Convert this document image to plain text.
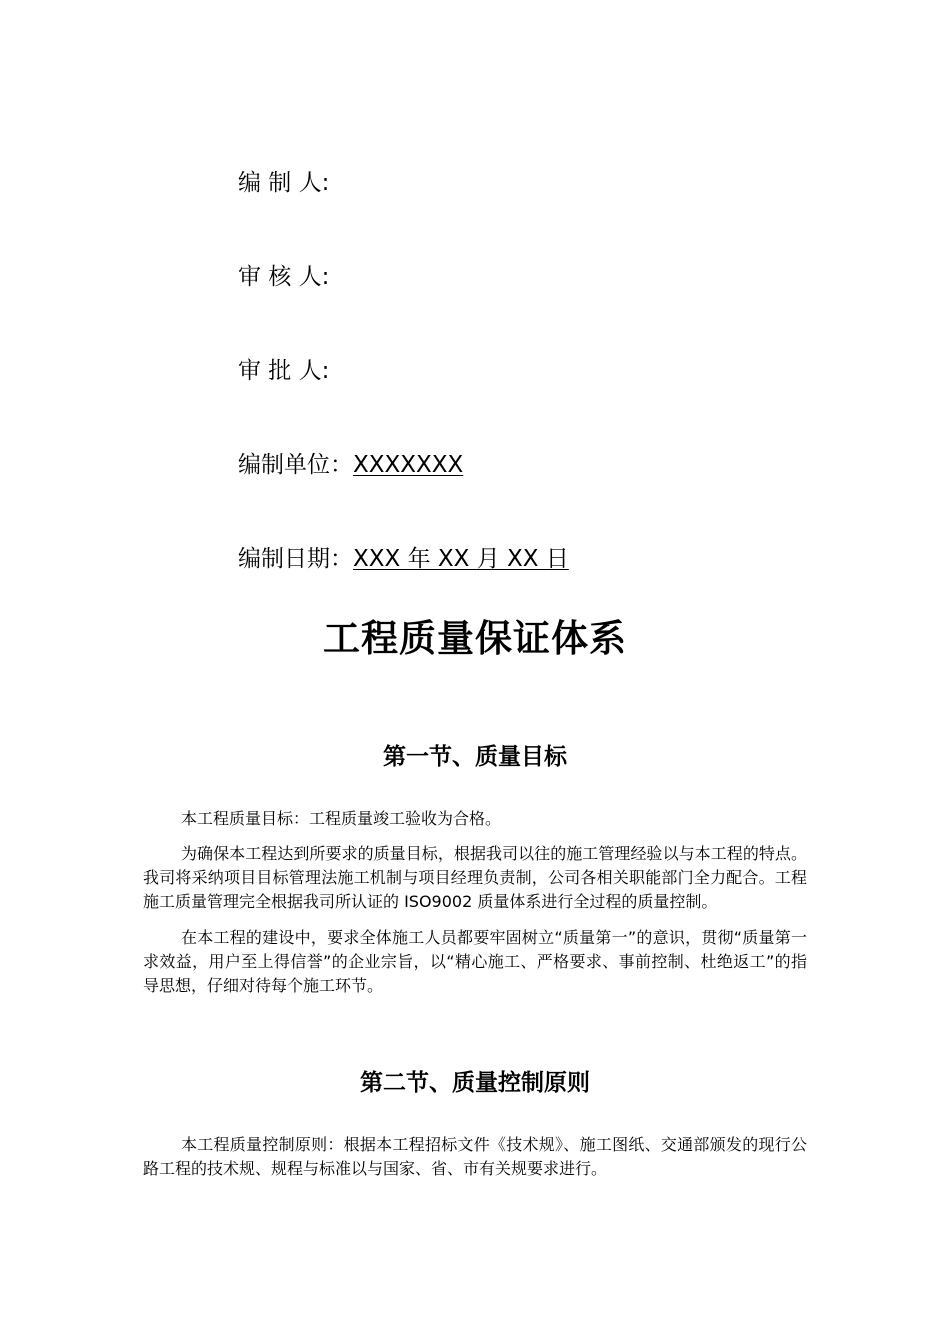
编 制 人:
审 核 人:
审 批 人:
编制单位：XXXXXXX
编制日期：XXX 年 XX 月 XX 日
工程质量保证体系
第一节、质量目标

本工程质量目标：工程质量竣工验收为合格。

为确保本工程达到所要求的质量目标，根据我司以往的施工管理经验以与本工程的特点。我司将采纳项目目标管理法施工机制与项目经理负责制，公司各相关职能部门全力配合。工程施工质量管理完全根据我司所认证的 ISO9002 质量体系进行全过程的质量控制。

在本工程的建设中，要求全体施工人员都要牢固树立“质量第一”的意识，贯彻“质量第一求效益，用户至上得信誉”的企业宗旨，以“精心施工、严格要求、事前控制、杜绝返工”的指导思想，仔细对待每个施工环节。

第二节、质量控制原则

本工程质量控制原则：根据本工程招标文件《技术规》、施工图纸、交通部颁发的现行公路工程的技术规、规程与标准以与国家、省、市有关规要求进行。
